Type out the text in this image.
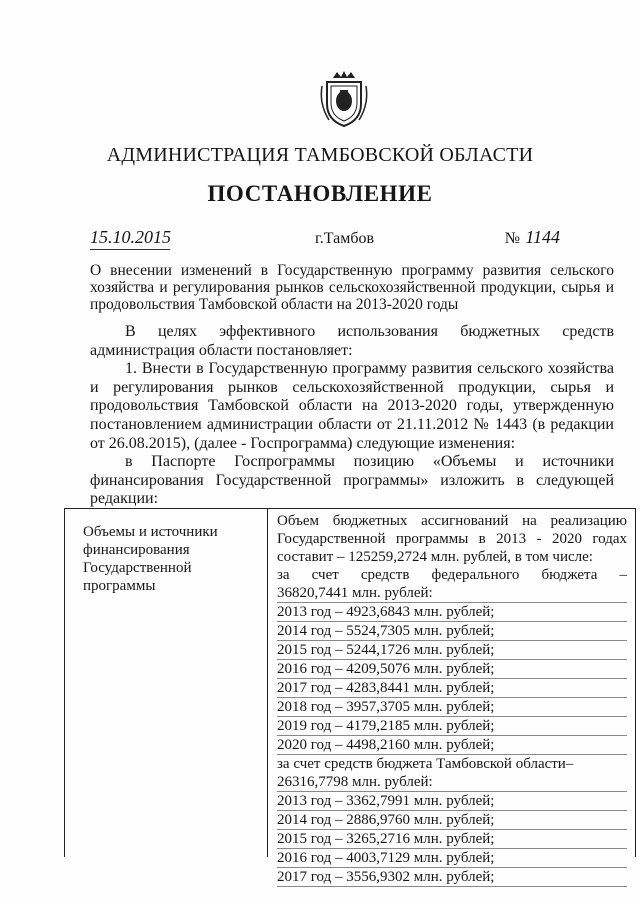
АДМИНИСТРАЦИЯ ТАМБОВСКОЙ ОБЛАСТИ
ПОСТАНОВЛЕНИЕ
15.10.2015	г.Тамбов	№ 1144
О внесении изменений в Государственную программу развития сельского хозяйства и регулирования рынков сельскохозяйственной продукции, сырья и продовольствия Тамбовской области на 2013-2020 годы

В целях эффективного использования бюджетных средств администрация области постановляет:

1. Внести в Государственную программу развития сельского хозяйства и регулирования рынков сельскохозяйственной продукции, сырья и продовольствия Тамбовской области на 2013-2020 годы, утвержденную постановлением администрации области от 21.11.2012 № 1443 (в редакции от 26.08.2015), (далее - Госпрограмма) следующие изменения:

в Паспорте Госпрограммы позицию «Объемы и источники финансирования Государственной программы» изложить в следующей редакции:

Объемы и источники финансирования Государственной программы
Объем бюджетных ассигнований на реализацию
Государственной программы в 2013 - 2020 годах
составит – 125259,2724 млн. рублей, в том числе:
за счет средств федерального бюджета –
36820,7441 млн. рублей:
2013 год – 4923,6843 млн. рублей;
2014 год – 5524,7305 млн. рублей;
2015 год – 5244,1726 млн. рублей;
2016 год – 4209,5076 млн. рублей;
2017 год – 4283,8441 млн. рублей;
2018 год – 3957,3705 млн. рублей;
2019 год – 4179,2185 млн. рублей;
2020 год – 4498,2160 млн. рублей;
за счет средств бюджета Тамбовской области–
26316,7798 млн. рублей:
2013 год – 3362,7991 млн. рублей;
2014 год – 2886,9760 млн. рублей;
2015 год – 3265,2716 млн. рублей;
2016 год – 4003,7129 млн. рублей;
2017 год – 3556,9302 млн. рублей;
